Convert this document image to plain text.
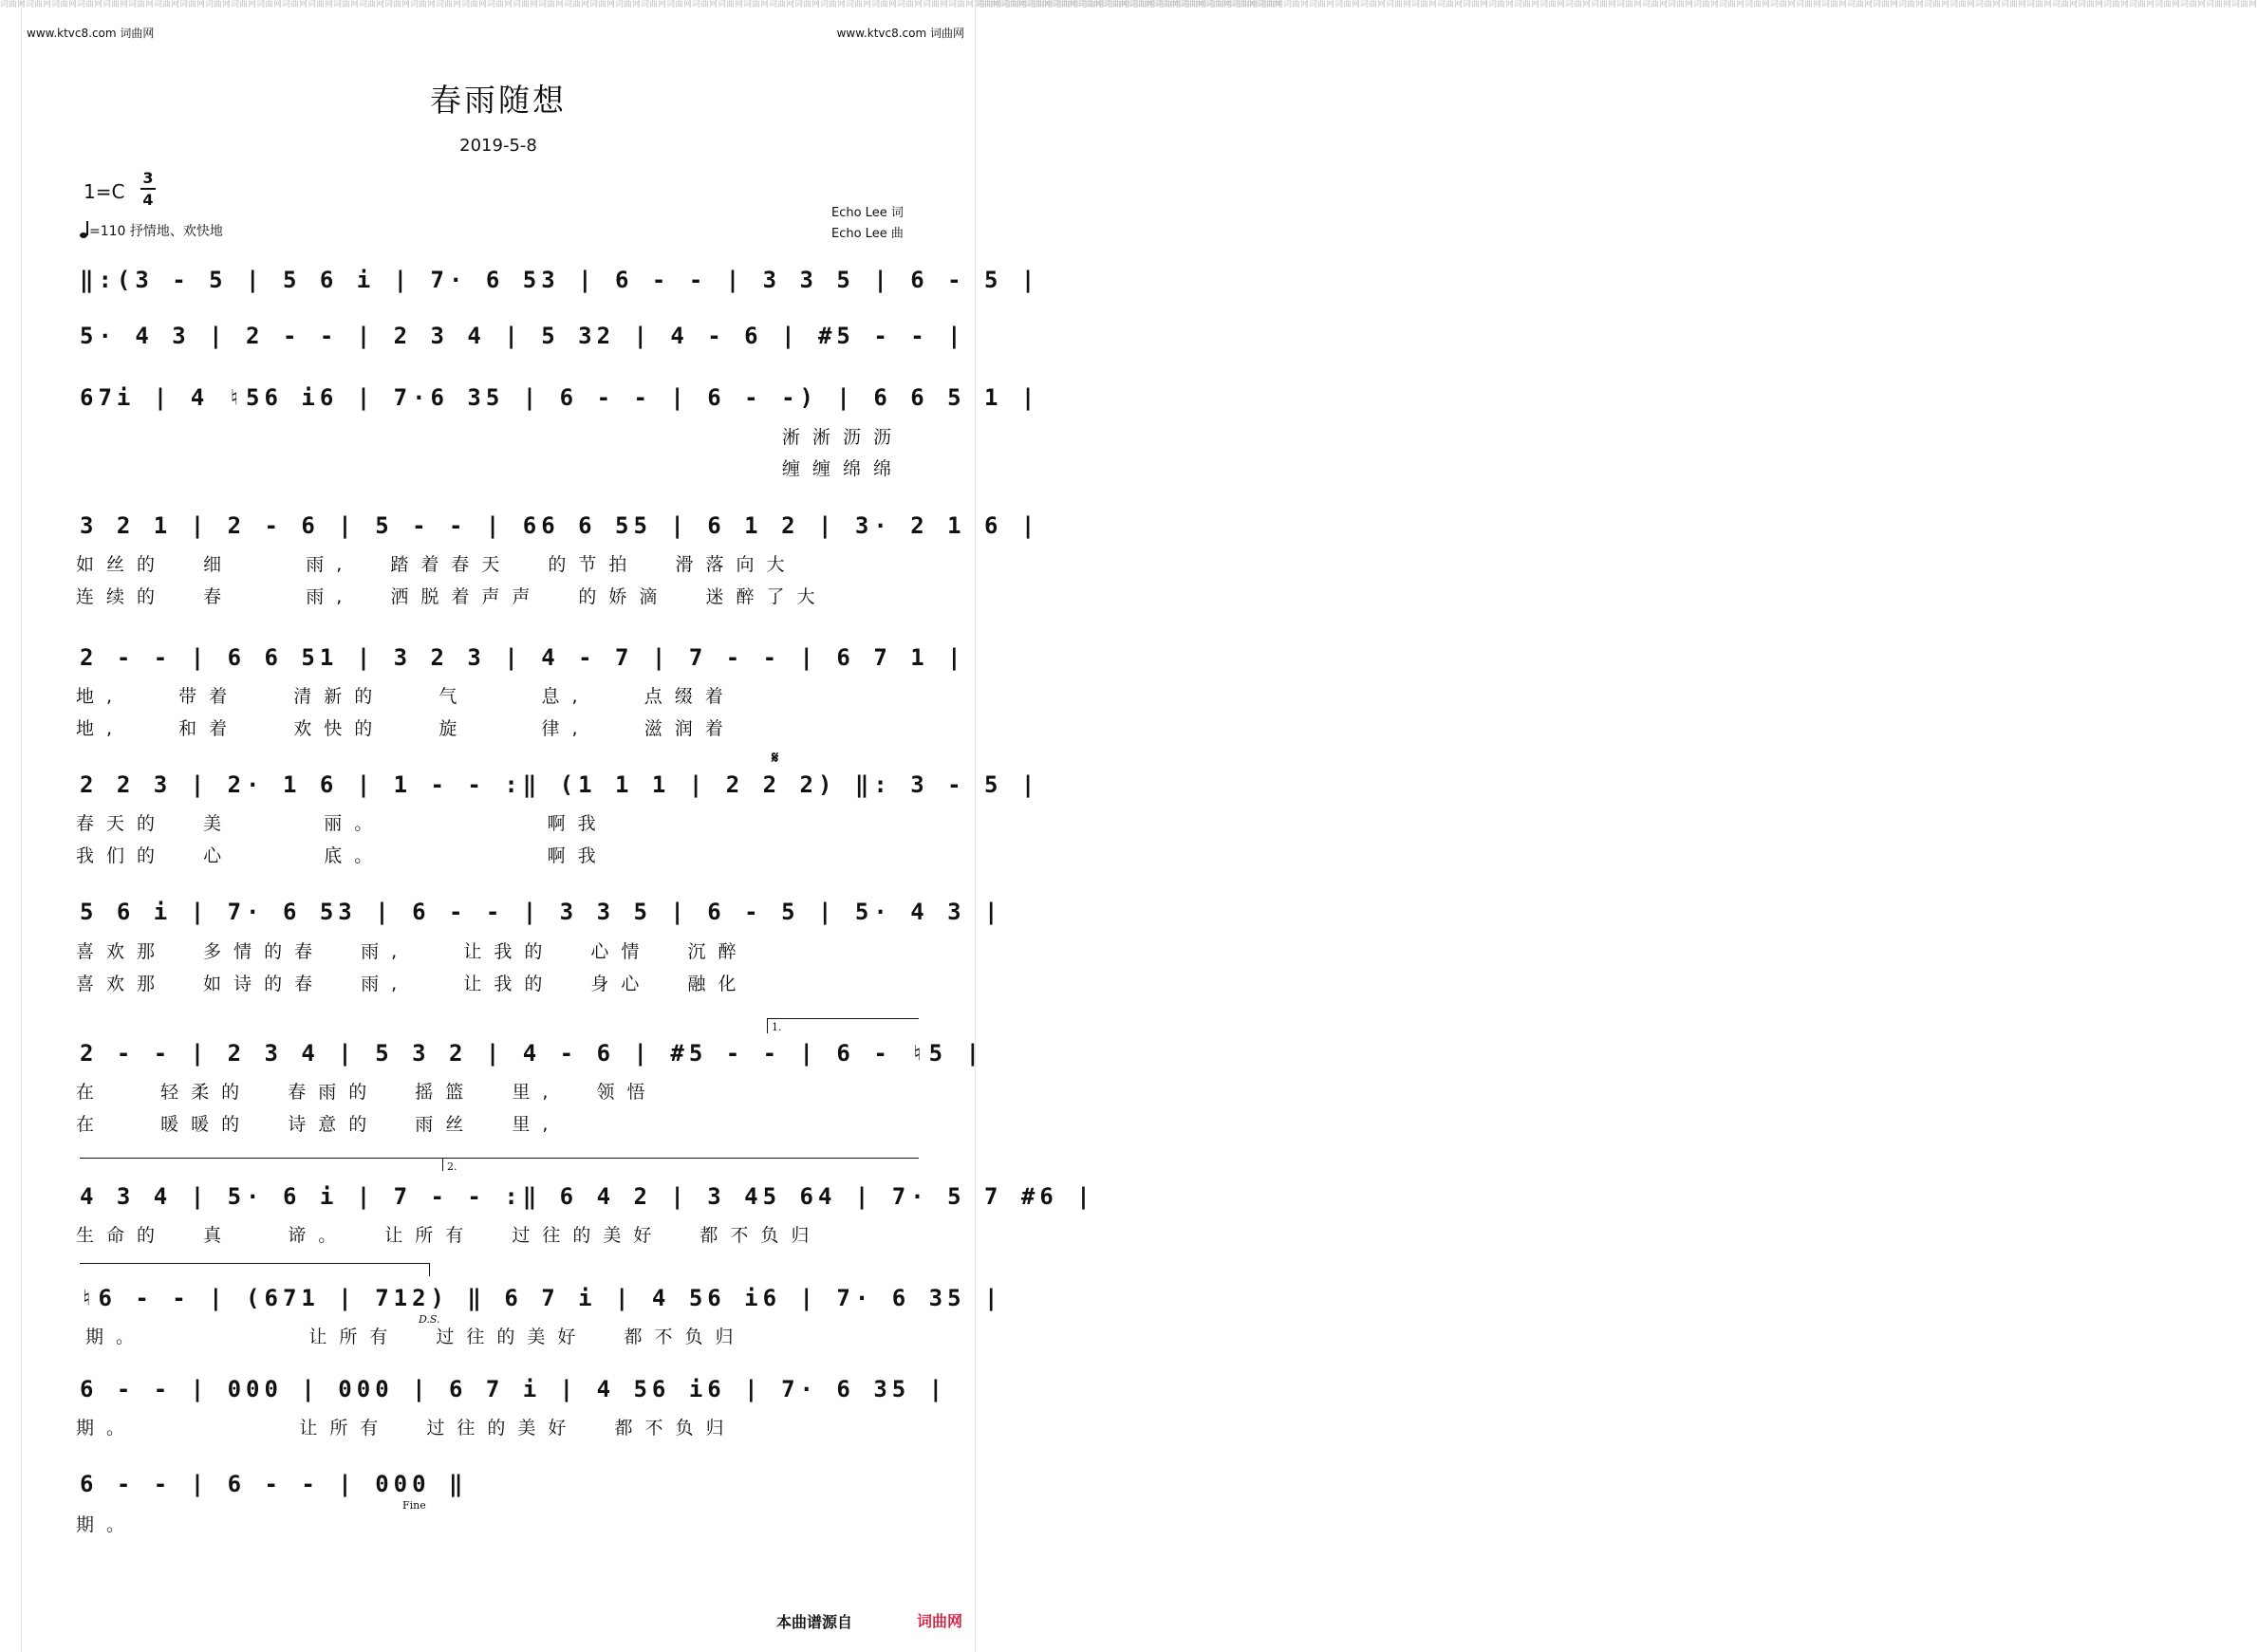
词曲网词曲网词曲网词曲网词曲网词曲网词曲网词曲网词曲网词曲网词曲网词曲网词曲网词曲网词曲网词曲网词曲网词曲网词曲网词曲网词曲网词曲网词曲网词曲网词曲网词曲网词曲网词曲网词曲网词曲网词曲网词曲网词曲网词曲网词曲网词曲网词曲网词曲网词曲网词曲网词曲网词曲网词曲网词曲网词曲网词曲网词曲网词曲网词曲网词曲网
词曲网词曲网词曲网词曲网词曲网词曲网词曲网词曲网词曲网词曲网词曲网词曲网词曲网词曲网词曲网词曲网词曲网词曲网词曲网词曲网词曲网词曲网词曲网词曲网词曲网词曲网词曲网词曲网词曲网词曲网词曲网词曲网词曲网词曲网词曲网词曲网词曲网词曲网词曲网词曲网词曲网词曲网词曲网词曲网词曲网词曲网词曲网词曲网词曲网词曲网
www.ktvc8.com 词曲网	www.ktvc8.com 词曲网
春雨随想
2019-5-8
1=C
3
4
=110 抒情地、欢快地
Echo Lee 词
Echo Lee 曲
‖:(3 - 5 | 5 6 i | 7· 6 53 | 6 - - | 3 3 5 | 6 - 5 |
5· 4 3 | 2 - - | 2 3 4 | 5 32 | 4 - 6 | #5 - - |
67i | 4 ♮56 i6 | 7·6 35 | 6 - - | 6 - -) | 6 6 5 1 |
淅淅沥沥
缠缠绵绵
3 2 1 | 2 - 6 | 5 - - | 66 6 55 | 6 1 2 | 3· 2 1 6 |
如丝的  细    雨,  踏着春天  的节拍  滑落向大
连续的  春    雨,  洒脱着声声  的娇滴  迷醉了大
2 - - | 6 6 51 | 3 2 3 | 4 - 7 | 7 - - | 6 7 1 |
地,   带着   清新的   气    息,   点缀着
地,   和着   欢快的   旋    律,   滋润着
𝄋
2 2 3 | 2· 1 6 | 1 - - :‖ (1 1 1 | 2 2 2) ‖: 3 - 5 |
春天的  美     丽。         啊我
我们的  心     底。         啊我
5 6 i | 7· 6 53 | 6 - - | 3 3 5 | 6 - 5 | 5· 4 3 |
喜欢那  多情的春  雨,   让我的  心情  沉醉
喜欢那  如诗的春  雨,   让我的  身心  融化
1.
2 - - | 2 3 4 | 5 3 2 | 4 - 6 | #5 - - | 6 - ♮5 |
在   轻柔的  春雨的  摇篮  里,  领悟
在   暖暖的  诗意的  雨丝  里,
2.
4 3 4 | 5· 6 i | 7 - - :‖ 6 4 2 | 3 45 64 | 7· 5 7 #6 |
生命的  真   谛。  让所有  过往的美好  都不负归
♮6 - - | (671 | 712) ‖ 6 7 i | 4 56 i6 | 7· 6 35 |
D.S.
期。         让所有  过往的美好  都不负归
6 - - | 000 | 000 | 6 7 i | 4 56 i6 | 7· 6 35 |
期。         让所有  过往的美好  都不负归
6 - - | 6 - - | 000 ‖
Fine
期。
本曲谱源自	词曲网
